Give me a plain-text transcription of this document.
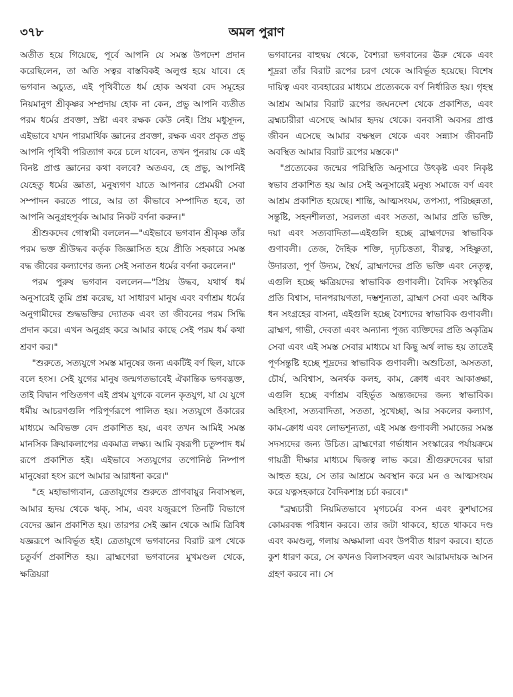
৩৭৮	অমল পুরাণ

অতীত হয়ে গিয়েছে, পূর্বে আপনি যে সমস্ত উপদেশ প্রদান করেছিলেন, তা অতি সত্বর বাস্তবিকই অলুপ্ত হয়ে যাবে। হে ভগবান অচ্যুত, এই পৃথিবীতে ধর্ম হোক অথবা বেদ সমূহের নিয়মানুগ শ্রীকৃষ্ণর সম্প্রদায় হোক না কেন, প্রভু আপনি ব্যতীত পরম ধর্মের প্রবক্তা, স্রষ্টা এবং রক্ষক কেউ নেই। প্রিয় মধুসূদন, এইভাবে যখন পারমার্থিক জ্ঞানের প্রবক্তা, রক্ষক এবং প্রকৃত প্রভু আপনি পৃথিবী পরিত্যাগ করে চলে যাবেন, তখন পুনরায় কে এই বিনষ্ট প্রাপ্ত জ্ঞানের কথা বলবে? অতএব, হে প্রভু, আপনিই যেহেতু ধর্মের জ্ঞাতা, মনুষ্যগণ যাতে আপনার প্রেমময়ী সেবা সম্পাদন করতে পারে, আর তা কীভাবে সম্পাদিত হবে, তা আপনি অনুগ্রহপূর্বক আমার নিকট বর্ণনা করুন।"

শ্রীশুকদেব গোস্বামী বললেন—"এইভাবে ভগবান শ্রীকৃষ্ণ তাঁর পরম ভক্ত শ্রীউদ্ধব কর্তৃক জিজ্ঞাসিত হয়ে প্রীতি সহকারে সমস্ত বদ্ধ জীবের কল্যাণের জন্য সেই সনাতন ধর্মের বর্ণনা করলেন।"

পরম পুরুষ ভগবান বললেন—"প্রিয় উদ্ধব, যথার্থ ধর্ম অনুসারেই তুমি প্রশ্ন করেছ, যা সাধারণ মানুষ এবং বর্ণাশ্রম ধর্মের অনুগামীদের শুদ্ধভক্তির দ্যোতক এবং তা জীবনের পরম সিদ্ধি প্রদান করে। এখন অনুগ্রহ করে আমার কাছে সেই পরম ধর্ম কথা শ্রবণ কর।"

"শুরুতে, সত্যযুগে সমস্ত মানুষের জন্য একটিই বর্ণ ছিল, যাকে বলে হংস। সেই যুগের মানুষ জন্মগতভাবেই ঐকান্তিক ভগবদ্ভক্ত, তাই বিদ্বান পণ্ডিতগণ এই প্রথম যুগকে বলেন কৃতযুগ, যা যে যুগে ধর্মীয় আচরণগুলি পরিপূর্ণরূপে পালিত হয়। সত্যযুগে ওঁকারের মাধ্যমে অবিভক্ত বেদ প্রকাশিত হয়, এবং তখন আমিই সমস্ত মানসিক ক্রিয়াকলাপের একমাত্র লক্ষ্য। আমি বৃষরূপী চতুষ্পাদ ধর্ম রূপে প্রকাশিত হই। এইভাবে সত্যযুগের তপোনিষ্ঠ নিষ্পাপ মানুষেরা হংস রূপে আমার আরাধনা করে।"

"হে মহাভাগ্যবান, ত্রেতাযুগের শুরুতে প্রাণবায়ুর নিবাসস্থল, আমার হৃদয় থেকে ঋক্, সাম, এবং যজুরূপে তিনটি বিভাগে বেদের জ্ঞান প্রকাশিত হয়। তারপর সেই জ্ঞান থেকে আমি ত্রিবিধ যজ্ঞরূপে আবির্ভূত হই। ত্রেতাযুগে ভগবানের বিরাট রূপ থেকে চতুর্বর্ণ প্রকাশিত হয়। ব্রাহ্মণেরা ভগবানের মুখমণ্ডল থেকে, ক্ষত্রিয়রা

ভগবানের বাহুদ্বয় থেকে, বৈশ্যরা ভগবানের ঊরু থেকে এবং শূদ্ররা তাঁর বিরাট রূপের চরণ থেকে আবির্ভূত হয়েছে। বিশেষ দায়িত্ব এবং ব্যবহারের মাধ্যমে প্রত্যেককে বর্ণ নির্ধারিত হয়। গৃহস্থ আশ্রম আমার বিরাট রূপের জঘনদেশ থেকে প্রকাশিত, এবং ব্রহ্মচারীরা এসেছে আমার হৃদয় থেকে। বনবাসী অবসর প্রাপ্ত জীবন এসেছে আমার বক্ষস্থল থেকে এবং সন্ন্যাস জীবনটি অবস্থিত আমার বিরাট রূপের মস্তকে।"

"প্রত্যেকের জন্মের পরিস্থিতি অনুসারে উৎকৃষ্ট এবং নিকৃষ্ট স্বভাব প্রকাশিত হয় আর সেই অনুসারেই মনুষ্য সমাজে বর্ণ এবং আশ্রম প্রকাশিত হয়েছে। শান্তি, আত্মসংযম, তপস্যা, পরিচ্ছন্নতা, সন্তুষ্টি, সহনশীলতা, সরলতা এবং সততা, আমার প্রতি ভক্তি, দয়া এবং সত্যবাদিতা—এইগুলি হচ্ছে ব্রাহ্মণদের স্বাভাবিক গুণাবলী। তেজ, দৈহিক শক্তি, দৃঢ়চিত্ততা, বীরত্ব, সহিষ্ণুতা, উদারতা, পূর্ণ উদ্যম, স্থৈর্য, ব্রাহ্মণদের প্রতি ভক্তি এবং নেতৃত্ব, এগুলি হচ্ছে ক্ষত্রিয়দের স্বাভাবিক গুণাবলী। বৈদিক সংস্কৃতির প্রতি বিশ্বাস, দানপরায়ণতা, দম্ভশূন্যতা, ব্রাহ্মণ সেবা এবং অধিক ধন সংগ্রহের বাসনা, এইগুলি হচ্ছে বৈশ্যদের স্বাভাবিক গুণাবলী। ব্রাহ্মণ, গাভী, দেবতা এবং অন্যান্য পূজ্য ব্যক্তিদের প্রতি অকৃত্রিম সেবা এবং এই সমস্ত সেবার মাধ্যমে যা কিছু অর্থ লাভ হয় তাতেই পূর্ণসন্তুষ্টি হচ্ছে শূদ্রদের স্বাভাবিক গুণাবলী। অশুচিতা, অসততা, চৌর্য, অবিশ্বাস, অনর্থক কলহ, কাম, ক্রোধ এবং আকাঙ্ক্ষা, এগুলি হচ্ছে বর্ণাশ্রম বহির্ভূত অন্ত্যজদের জন্য স্বাভাবিক। অহিংসা, সত্যবাদিতা, সততা, সুখেচ্ছা, আর সকলের কল্যাণ, কাম-ক্রোধ এবং লোভশূন্যতা, এই সমস্ত গুণাবলী সমাজের সমস্ত সদস্যদের জন্য উচিত। ব্রাহ্মণেরা গর্ভাধান সংস্কারের পর্যায়ক্রমে গায়ত্রী দীক্ষার মাধ্যমে দ্বিজত্ব লাভ করে। শ্রীগুরুদেবের দ্বারা আহুত হয়ে, সে তার আশ্রমে অবস্থান করে মন ও আত্মসংযম করে যত্নসহকারে বৈদিকশাস্ত্র চর্চা করবে।"

"ব্রহ্মচারী নিয়মিতভাবে মৃগচর্মের বসন এবং কুশঘাসের কোমরবন্ধ পরিধান করবে। তার জটা থাকবে, হাতে থাকবে দণ্ড এবং কমণ্ডলু, গলায় অক্ষমালা এবং উপবীত ধারণ করবে। হাতে কুশ ধারণ করে, সে কখনও বিলাসবহুল এবং আরামদায়ক আসন গ্রহণ করবে না। সে
